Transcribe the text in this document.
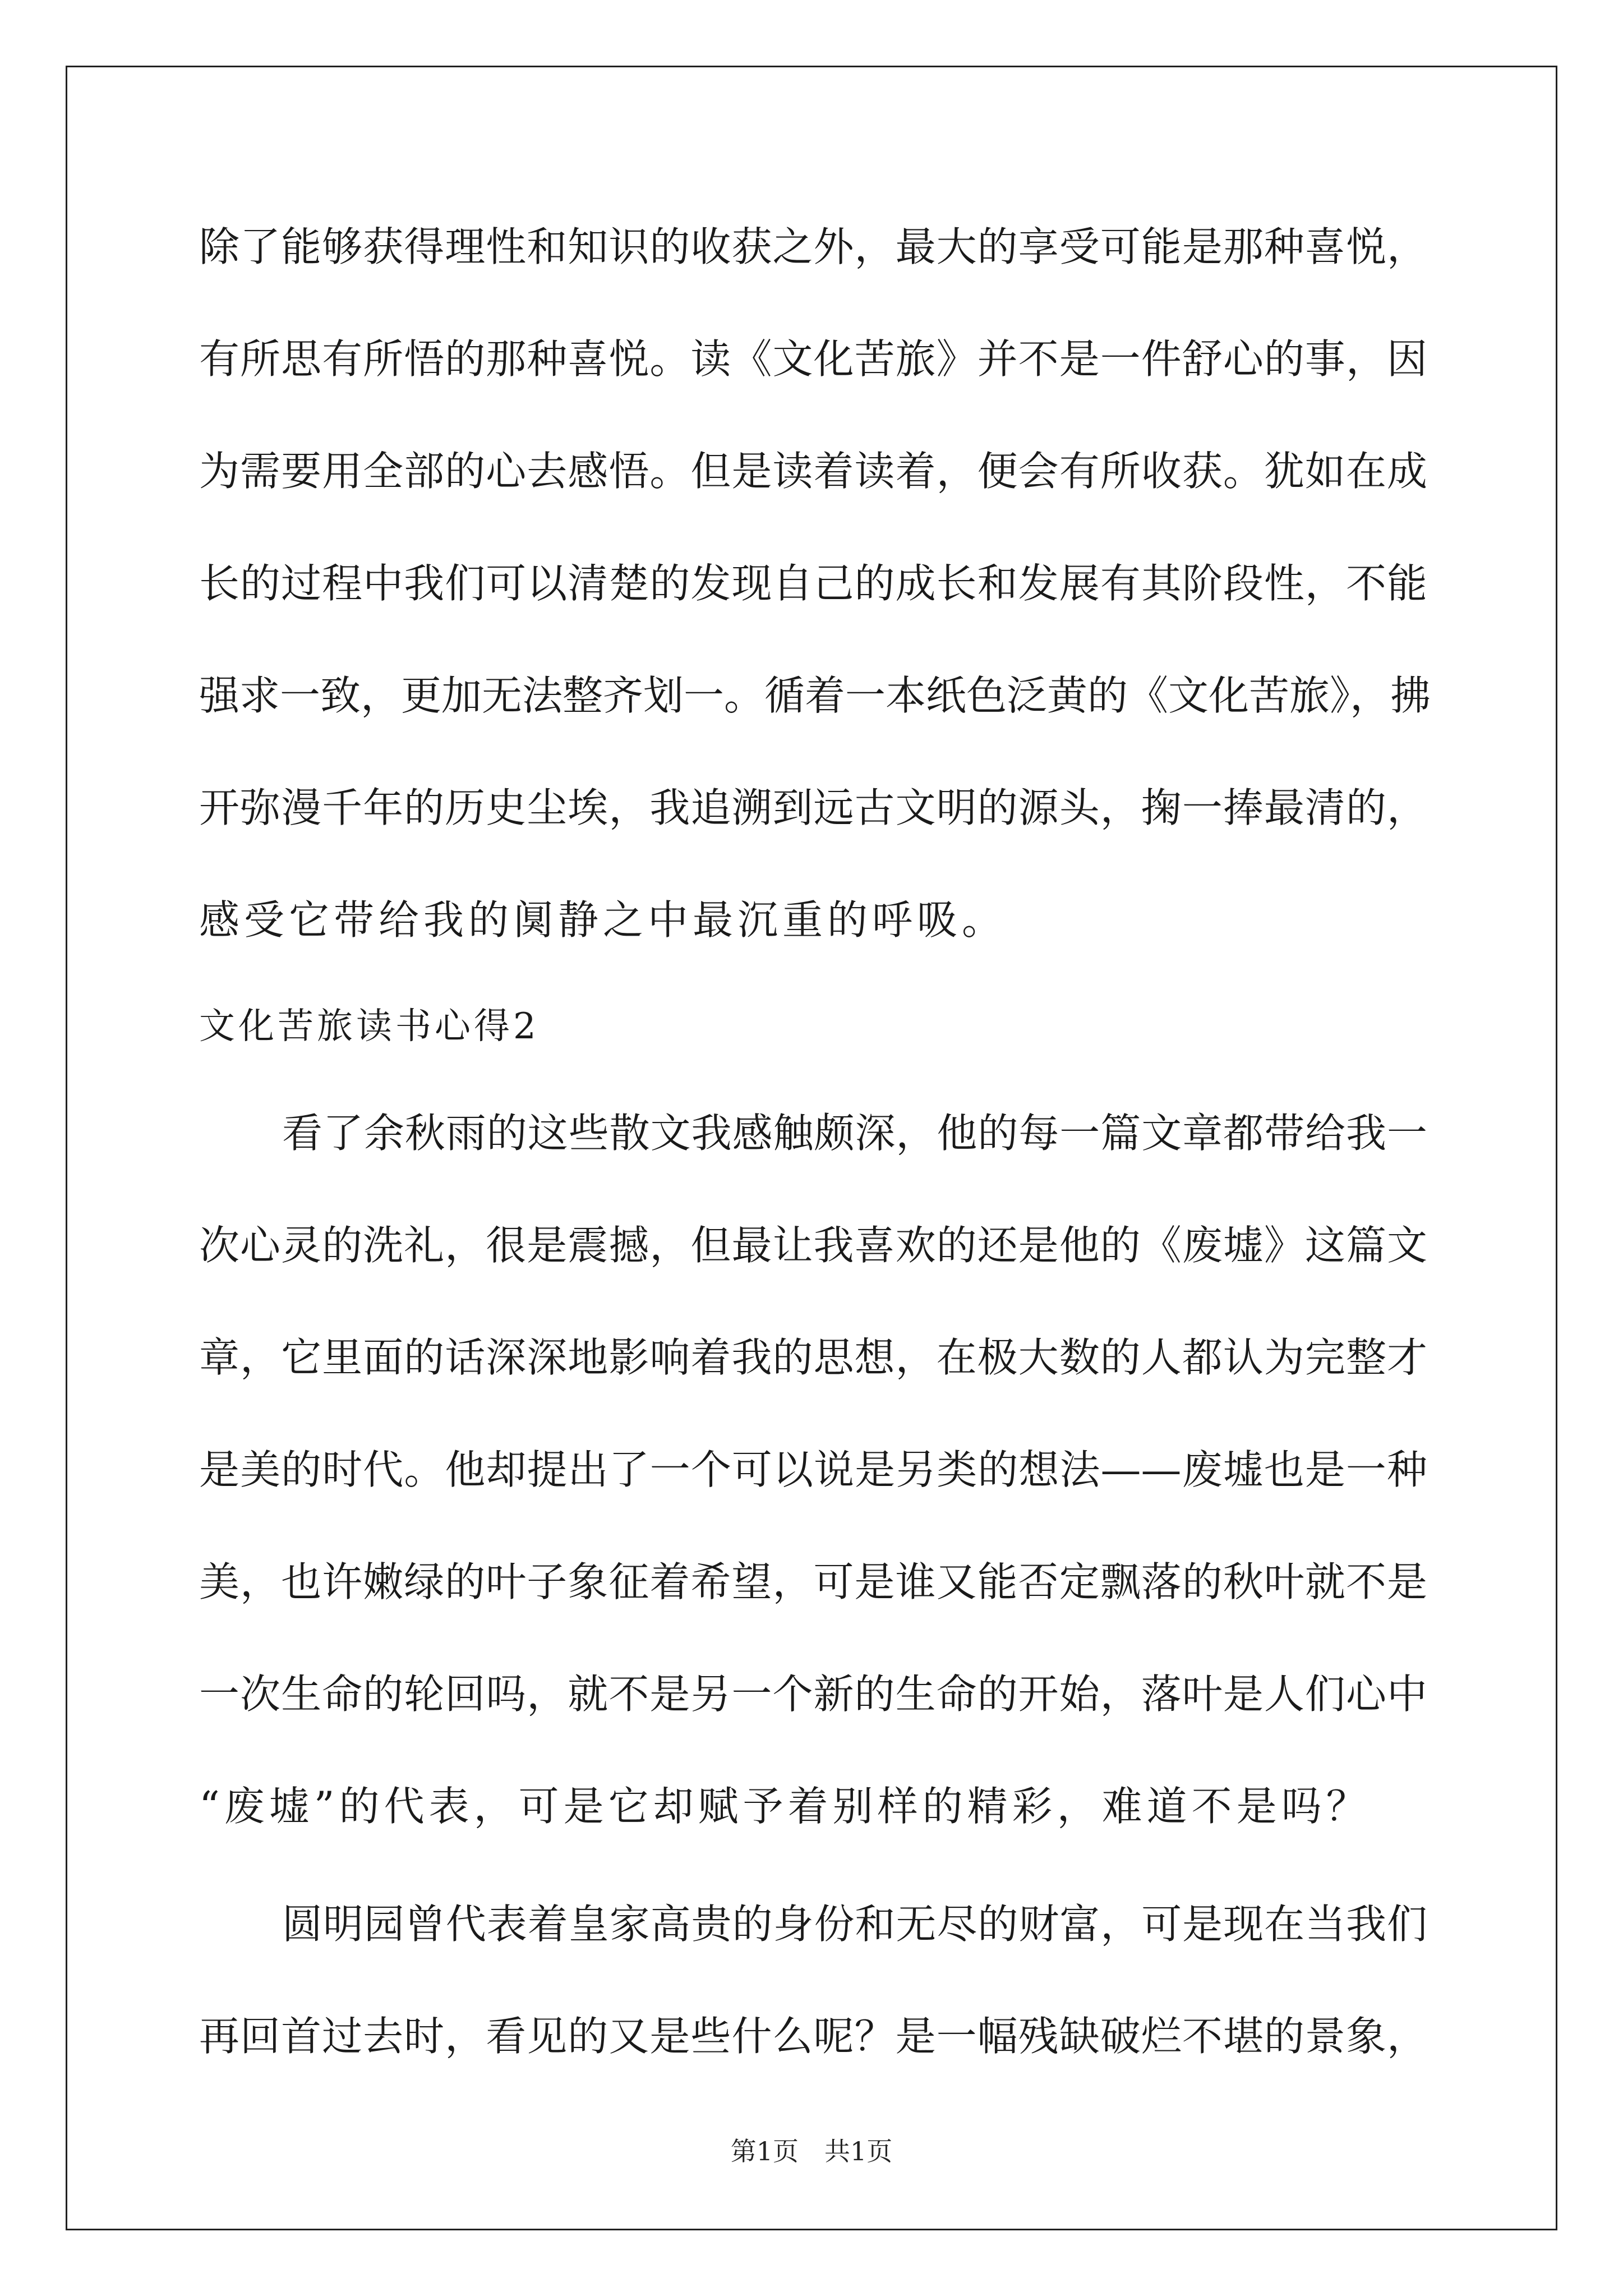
除了能够获得理性和知识的收获之外，最大的享受可能是那种喜悦，
有所思有所悟的那种喜悦。读《文化苦旅》并不是一件舒心的事，因
为需要用全部的心去感悟。但是读着读着，便会有所收获。犹如在成
长的过程中我们可以清楚的发现自己的成长和发展有其阶段性，不能
强求一致，更加无法整齐划一。循着一本纸色泛黄的《文化苦旅》，拂
开弥漫千年的历史尘埃，我追溯到远古文明的源头，掬一捧最清的，
感受它带给我的阒静之中最沉重的呼吸。
文化苦旅读书心得2
看了余秋雨的这些散文我感触颇深，他的每一篇文章都带给我一
次心灵的洗礼，很是震撼，但最让我喜欢的还是他的《废墟》这篇文
章，它里面的话深深地影响着我的思想，在极大数的人都认为完整才
是美的时代。他却提出了一个可以说是另类的想法——废墟也是一种
美，也许嫩绿的叶子象征着希望，可是谁又能否定飘落的秋叶就不是
一次生命的轮回吗，就不是另一个新的生命的开始，落叶是人们心中
“废墟”的代表，可是它却赋予着别样的精彩，难道不是吗？
圆明园曾代表着皇家高贵的身份和无尽的财富，可是现在当我们
再回首过去时，看见的又是些什么呢？是一幅残缺破烂不堪的景象，
第1页 共1页
